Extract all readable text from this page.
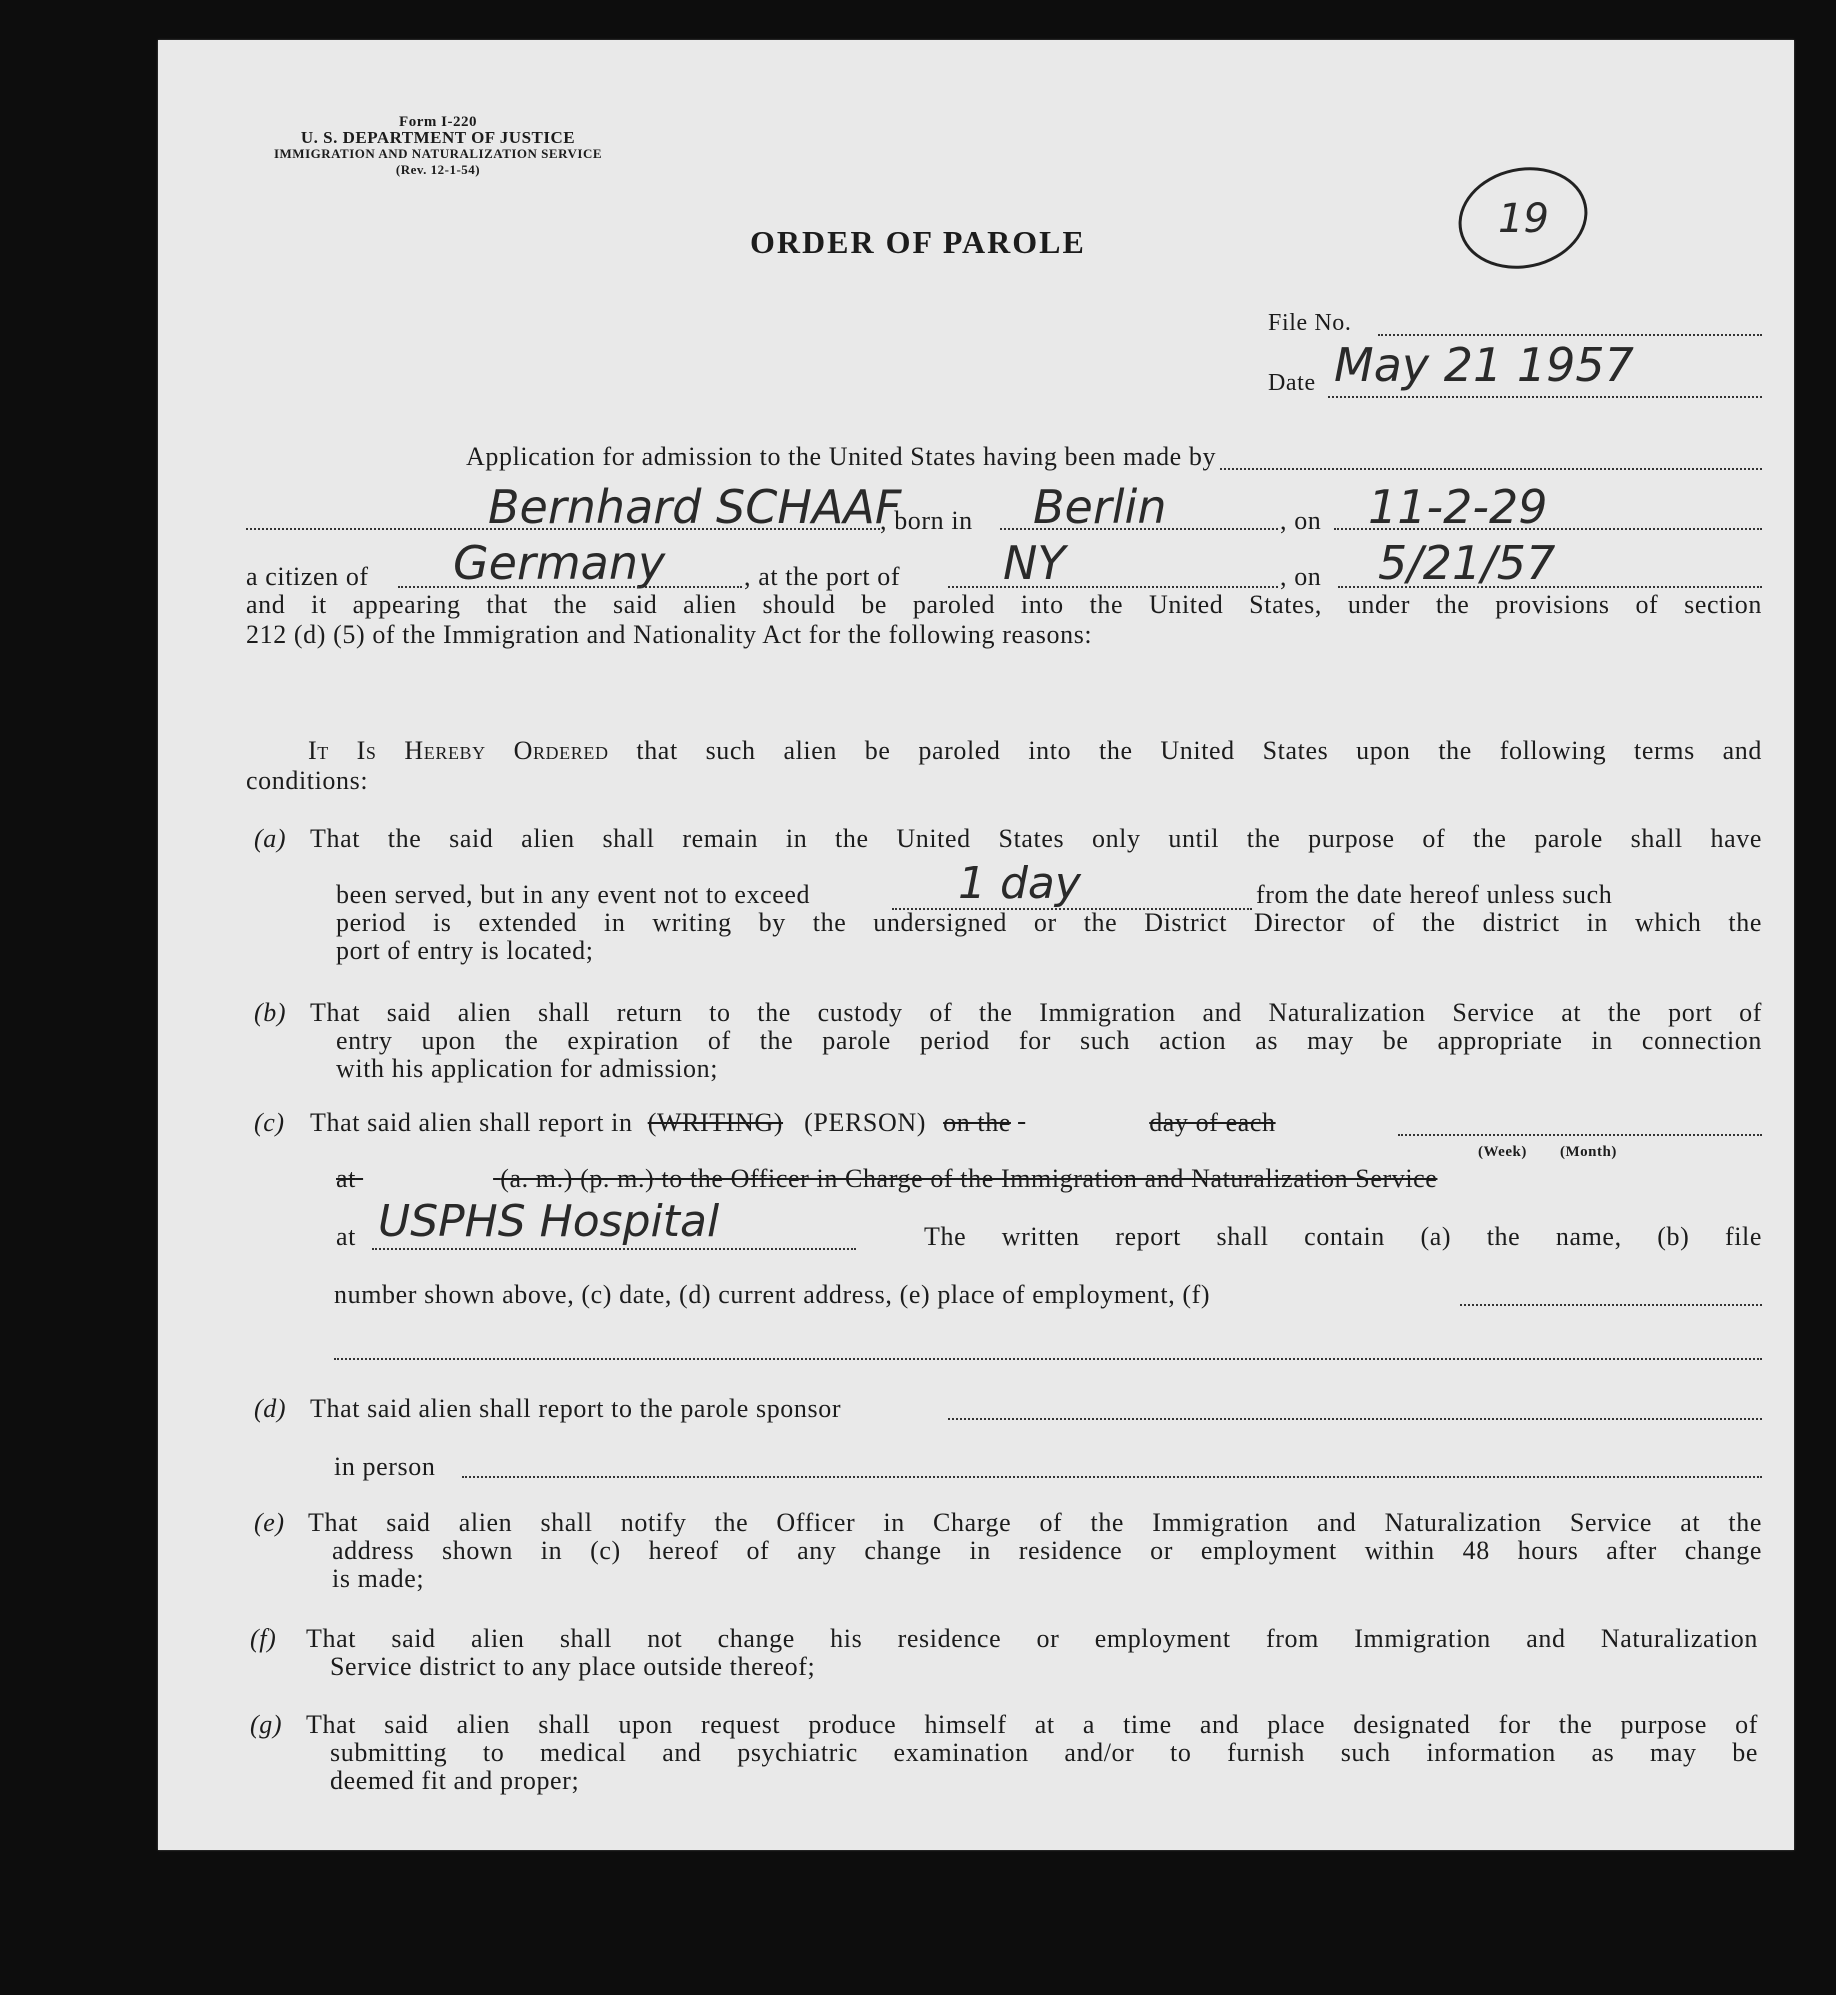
Form I-220
U. S. DEPARTMENT OF JUSTICE
IMMIGRATION AND NATURALIZATION SERVICE
(Rev. 12-1-54)
ORDER OF PAROLE	19
File No.
Date May 21 1957
Application for admission to the United States having been made by
Bernhard SCHAAF
, born in Berlin	, on 11-2-29
a citizen of Germany	, at the port of NY	, on 5/21/57
and it appearing that the said alien should be paroled into the United States, under the provisions of section
212 (d) (5) of the Immigration and Nationality Act for the following reasons:
It Is Hereby Ordered that such alien be paroled into the United States upon the following terms and
conditions:
(a) That the said alien shall remain in the United States only until the purpose of the parole shall have
been served, but in any event not to exceed	1 day	from the date hereof unless such
period is extended in writing by the undersigned or the District Director of the district in which the
port of entry is located;
(b) That said alien shall return to the custody of the Immigration and Naturalization Service at the port of
entry upon the expiration of the parole period for such action as may be appropriate in connection
with his application for admission;
(c) That said alien shall report in (WRITING) (PERSON) on the	day of each
(Week) (Month)
at	(a. m.) (p. m.) to the Officer in Charge of the Immigration and Naturalization Service
at USPHS Hospital	The written report shall contain (a) the name, (b) file
number shown above, (c) date, (d) current address, (e) place of employment, (f)
(d) That said alien shall report to the parole sponsor
in person
(e) That said alien shall notify the Officer in Charge of the Immigration and Naturalization Service at the
address shown in (c) hereof of any change in residence or employment within 48 hours after change
is made;
(f) That said alien shall not change his residence or employment from Immigration and Naturalization
Service district to any place outside thereof;
(g) That said alien shall upon request produce himself at a time and place designated for the purpose of
submitting to medical and psychiatric examination and/or to furnish such information as may be
deemed fit and proper;
